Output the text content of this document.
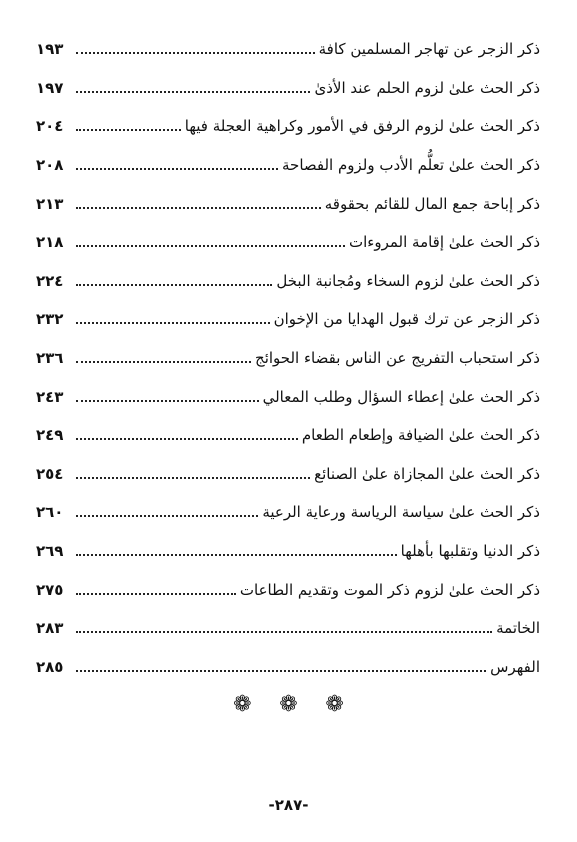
ذكر الزجر عن تهاجر المسلمين كافة
١٩٣
ذكر الحث علىٰ لزوم الحلم عند الأذىٰ
١٩٧
ذكر الحث علىٰ لزوم الرفق في الأمور وكراهية العجلة فيها
٢٠٤
ذكر الحث علىٰ تعلُّم الأدب ولزوم الفصاحة
٢٠٨
ذكر إباحة جمع المال للقائم بحقوقه
٢١٣
ذكر الحث علىٰ إقامة المروءات
٢١٨
ذكر الحث علىٰ لزوم السخاء ومُجانبة البخل
٢٢٤
ذكر الزجر عن ترك قبول الهدايا من الإخوان
٢٣٢
ذكر استحباب التفريج عن الناس بقضاء الحوائج
٢٣٦
ذكر الحث علىٰ إعطاء السؤال وطلب المعالي
٢٤٣
ذكر الحث علىٰ الضيافة وإطعام الطعام
٢٤٩
ذكر الحث علىٰ المجازاة علىٰ الصنائع
٢٥٤
ذكر الحث علىٰ سياسة الرياسة ورعاية الرعية
٢٦٠
ذكر الدنيا وتقلبها بأهلها
٢٦٩
ذكر الحث علىٰ لزوم ذكر الموت وتقديم الطاعات
٢٧٥
الخاتمة
٢٨٣
الفهرس
٢٨٥
❁ ❁ ❁
-٢٨٧-
